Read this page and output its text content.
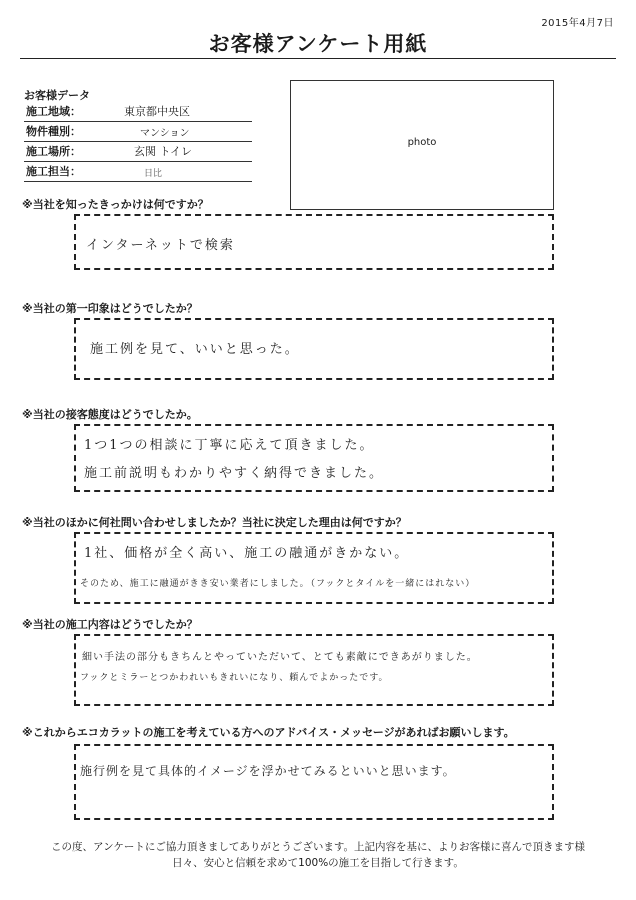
2015年4月7日
お客様アンケート用紙
お客様データ
施工地域：	東京都中央区
物件種別：	マンション
施工場所：	玄関 トイレ
施工担当：	日比
photo
※当社を知ったきっかけは何ですか？
インターネットで検索
※当社の第一印象はどうでしたか？
施工例を見て、いいと思った。
※当社の接客態度はどうでしたか。
1つ1つの相談に丁寧に応えて頂きました。
施工前説明もわかりやすく納得できました。
※当社のほかに何社問い合わせしましたか？当社に決定した理由は何ですか？
1社、価格が全く高い、施工の融通がきかない。
そのため、施工に融通がきき安い業者にしました。
（フックとタイルを一緒にはれない）
※当社の施工内容はどうでしたか？
細い手法の部分もきちんとやっていただいて、とても素敵にできあがりました。
フックとミラーとつかわれいもきれいになり、頼んでよかったです。
※これからエコカラットの施工を考えている方へのアドバイス・メッセージがあればお願いします。
施行例を見て具体的イメージを浮かせてみるといいと思います。
この度、アンケートにご協力頂きましてありがとうございます。上記内容を基に、よりお客様に喜んで頂きます様
日々、安心と信頼を求めて100%の施工を目指して行きます。
